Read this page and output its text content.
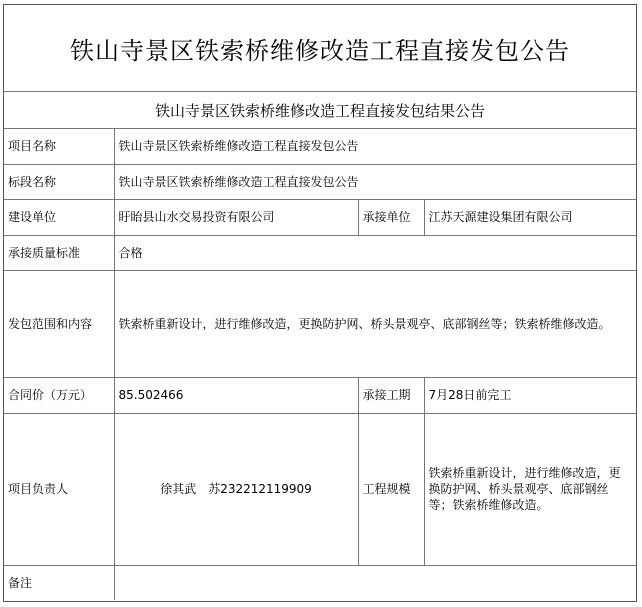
铁山寺景区铁索桥维修改造工程直接发包公告
铁山寺景区铁索桥维修改造工程直接发包结果公告
项目名称	铁山寺景区铁索桥维修改造工程直接发包公告		
标段名称	铁山寺景区铁索桥维修改造工程直接发包公告		
建设单位	盱眙县山水交易投资有限公司	承接单位	江苏天源建设集团有限公司
承接质量标准	合格		
发包范围和内容	铁索桥重新设计，进行维修改造，更换防护网、桥头景观亭、底部钢丝等；铁索桥维修改造。		
合同价（万元）	85.502466	承接工期	7月28日前完工
项目负责人	徐其武　苏232212119909	工程规模	铁索桥重新设计，进行维修改造，更换防护网、桥头景观亭、底部钢丝等；铁索桥维修改造。
备注			
